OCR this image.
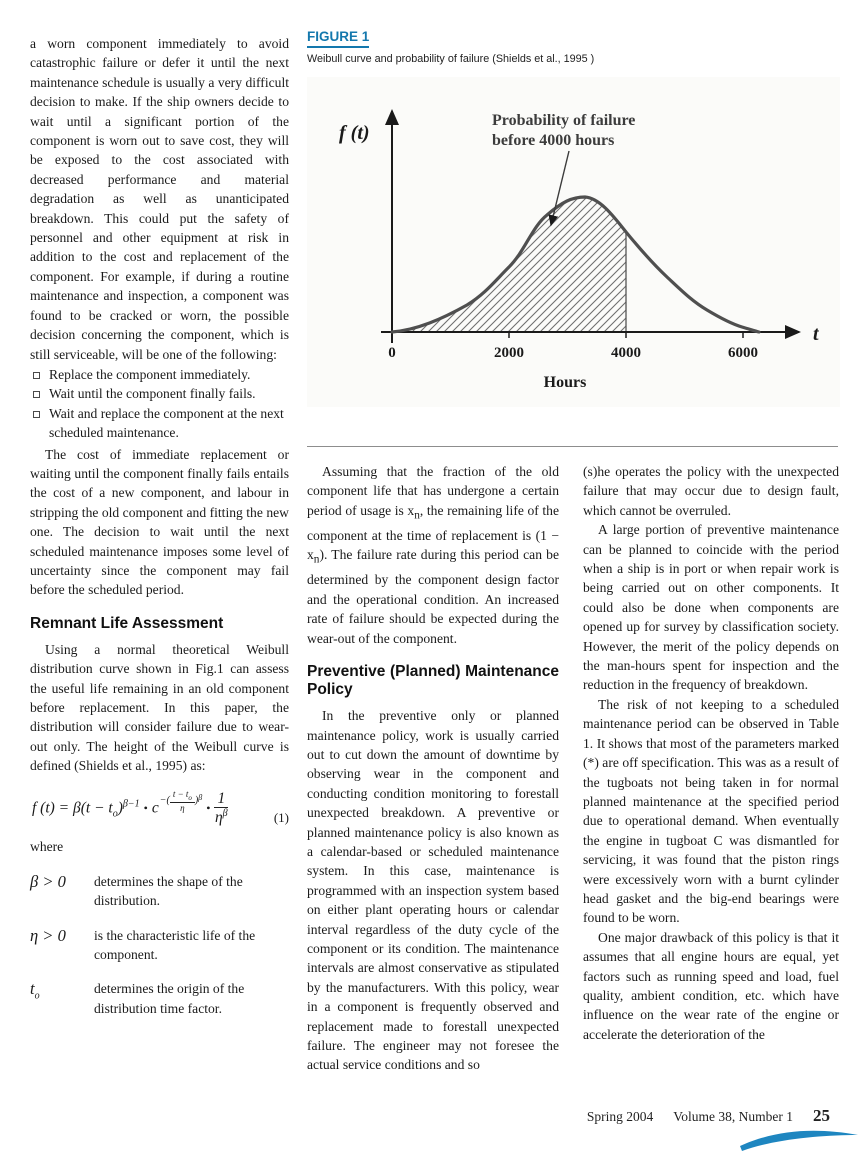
a worn component immediately to avoid catastrophic failure or defer it until the next maintenance schedule is usually a very difficult decision to make. If the ship owners decide to wait until a significant portion of the component is worn out to save cost, they will be exposed to the cost associated with decreased performance and material degradation as well as unanticipated breakdown. This could put the safety of personnel and other equipment at risk in addition to the cost and replacement of the component. For example, if during a routine maintenance and inspection, a component was found to be cracked or worn, the possible decision concerning the component, which is still serviceable, will be one of the following:

Replace the component immediately.
Wait until the component finally fails.
Wait and replace the component at the next scheduled maintenance.

The cost of immediate replacement or waiting until the component finally fails entails the cost of a new component, and labour in stripping the old component and fitting the new one. The decision to wait until the next scheduled maintenance imposes some level of uncertainty since the component may fail before the scheduled period.

Remnant Life Assessment

Using a normal theoretical Weibull distribution curve shown in Fig.1 can assess the useful life remaining in an old component before replacement. In this paper, the distribution will consider failure due to wear-out only. The height of the Weibull curve is defined (Shields et al., 1995) as:

f $(t) = \beta(t - t_o)^{\beta-1}$ • c − ( $\frac{t - t_o}{\eta} )^\beta$
• $\frac{1}{\eta^\beta}$	(1)

where

β > 0	determines the shape of the distribution.
η > 0	is the characteristic life of the component.
$t_o$	determines the origin of the distribution time factor.
FIGURE 1
Weibull curve and probability of failure (Shields et al., 1995 )
Probability of failure
before 4000 hours
f (t)
t
0	2000	4000	6000
Hours

Assuming that the fraction of the old component life that has undergone a certain period of usage is $x_n$, the remaining life of the component at the time of replacement is $(1 - x_n)$. The failure rate during this period can be determined by the component design factor and the operational condition. An increased rate of failure should be expected during the wear-out of the component.

Preventive (Planned) Maintenance Policy

In the preventive only or planned maintenance policy, work is usually carried out to cut down the amount of downtime by observing wear in the component and conducting condition monitoring to forestall unexpected breakdown. A preventive or planned maintenance policy is also known as a calendar-based or scheduled maintenance system. In this case, maintenance is programmed with an inspection system based on either plant operating hours or calendar interval regardless of the duty cycle of the component or its condition. The maintenance intervals are almost conservative as stipulated by the manufacturers. With this policy, wear in a component is frequently observed and replacement made to forestall unexpected failure. The engineer may not foresee the actual service conditions and so

(s)he operates the policy with the unexpected failure that may occur due to design fault, which cannot be overruled.

A large portion of preventive maintenance can be planned to coincide with the period when a ship is in port or when repair work is being carried out on other components. It could also be done when components are opened up for survey by classification society. However, the merit of the policy depends on the man-hours spent for inspection and the reduction in the frequency of breakdown.

The risk of not keeping to a scheduled maintenance period can be observed in Table 1. It shows that most of the parameters marked (*) are off specification. This was as a result of the tugboats not being taken in for normal planned maintenance at the specified period due to operational demand. When eventually the engine in tugboat C was dismantled for servicing, it was found that the piston rings were excessively worn with a burnt cylinder head gasket and the big-end bearings were found to be worn.

One major drawback of this policy is that it assumes that all engine hours are equal, yet factors such as running speed and load, fuel quality, ambient condition, etc. which have influence on the wear rate of the engine or accelerate the deterioration of the

Spring 2004 Volume 38, Number 1 25
